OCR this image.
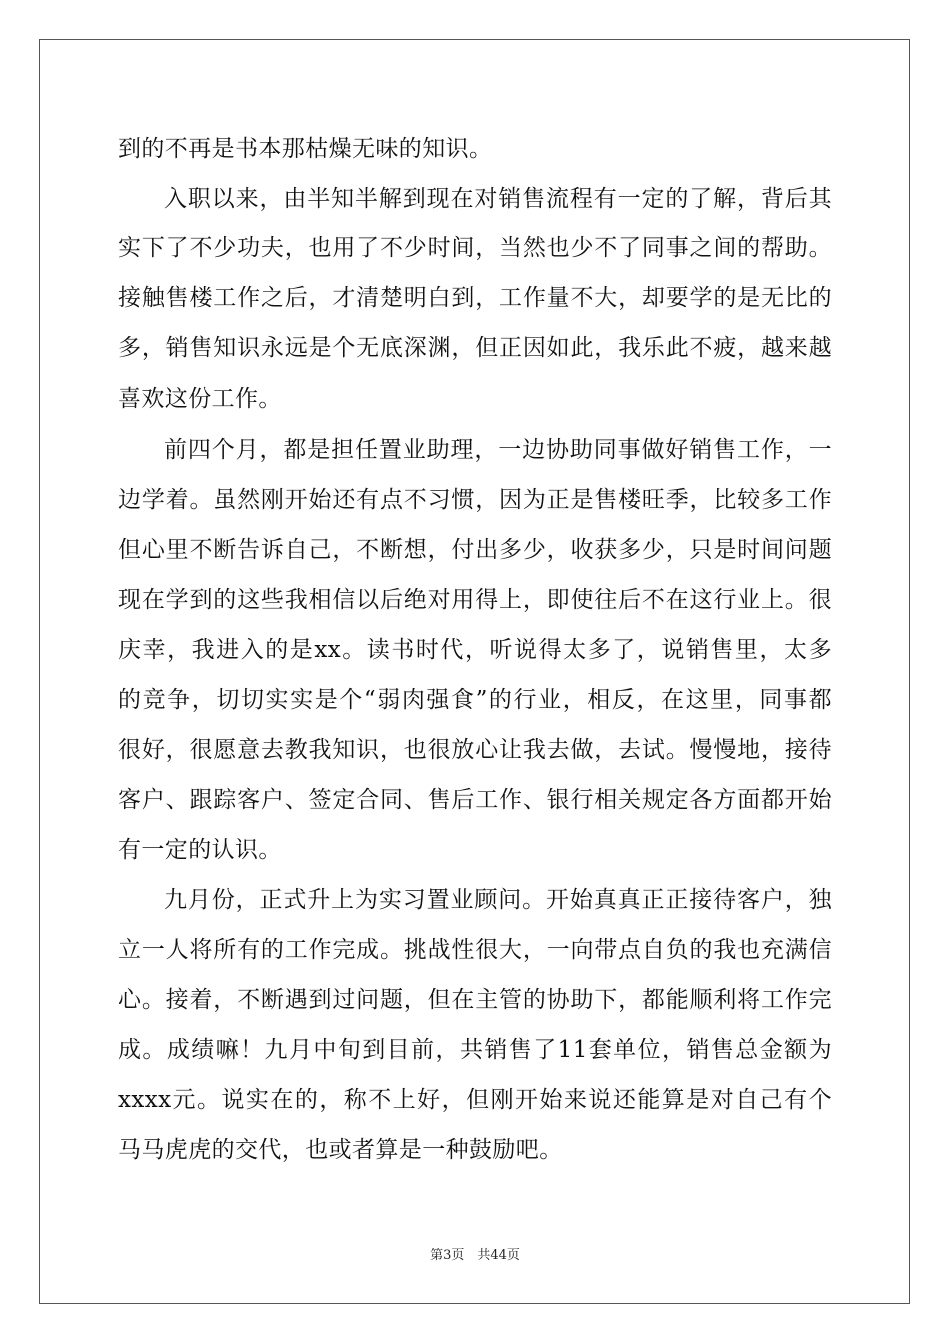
到的不再是书本那枯燥无味的知识。
入职以来，由半知半解到现在对销售流程有一定的了解，背后其
实下了不少功夫，也用了不少时间，当然也少不了同事之间的帮助。
接触售楼工作之后，才清楚明白到，工作量不大，却要学的是无比的
多，销售知识永远是个无底深渊，但正因如此，我乐此不疲，越来越
喜欢这份工作。
前四个月，都是担任置业助理，一边协助同事做好销售工作，一
边学着。虽然刚开始还有点不习惯，因为正是售楼旺季，比较多工作
但心里不断告诉自己，不断想，付出多少，收获多少，只是时间问题
现在学到的这些我相信以后绝对用得上，即使往后不在这行业上。很
庆幸，我进入的是xx。读书时代，听说得太多了，说销售里，太多
的竞争，切切实实是个“弱肉强食”的行业，相反，在这里，同事都
很好，很愿意去教我知识，也很放心让我去做，去试。慢慢地，接待
客户、跟踪客户、签定合同、售后工作、银行相关规定各方面都开始
有一定的认识。
九月份，正式升上为实习置业顾问。开始真真正正接待客户，独
立一人将所有的工作完成。挑战性很大，一向带点自负的我也充满信
心。接着，不断遇到过问题，但在主管的协助下，都能顺利将工作完
成。成绩嘛！九月中旬到目前，共销售了11套单位，销售总金额为
xxxx元。说实在的，称不上好，但刚开始来说还能算是对自己有个
马马虎虎的交代，也或者算是一种鼓励吧。
第3页　共44页
